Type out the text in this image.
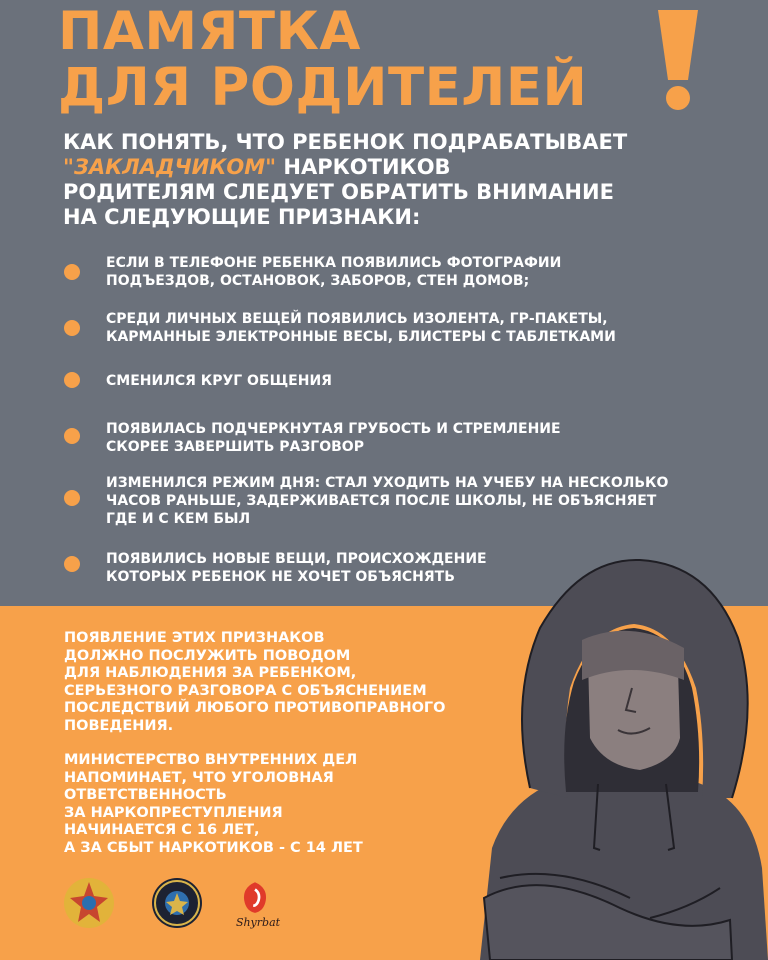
ПАМЯТКА
ДЛЯ РОДИТЕЛЕЙ
КАК ПОНЯТЬ, ЧТО РЕБЕНОК ПОДРАБАТЫВАЕТ
"ЗАКЛАДЧИКОМ" НАРКОТИКОВ
РОДИТЕЛЯМ СЛЕДУЕТ ОБРАТИТЬ ВНИМАНИЕ
НА СЛЕДУЮЩИЕ ПРИЗНАКИ:
ЕСЛИ В ТЕЛЕФОНЕ РЕБЕНКА ПОЯВИЛИСЬ ФОТОГРАФИИ
ПОДЪЕЗДОВ, ОСТАНОВОК, ЗАБОРОВ, СТЕН ДОМОВ;
СРЕДИ ЛИЧНЫХ ВЕЩЕЙ ПОЯВИЛИСЬ ИЗОЛЕНТА, ГР-ПАКЕТЫ,
КАРМАННЫЕ ЭЛЕКТРОННЫЕ ВЕСЫ, БЛИСТЕРЫ С ТАБЛЕТКАМИ
СМЕНИЛСЯ КРУГ ОБЩЕНИЯ
ПОЯВИЛАСЬ ПОДЧЕРКНУТАЯ ГРУБОСТЬ И СТРЕМЛЕНИЕ
СКОРЕЕ ЗАВЕРШИТЬ РАЗГОВОР
ИЗМЕНИЛСЯ РЕЖИМ ДНЯ: СТАЛ УХОДИТЬ НА УЧЕБУ НА НЕСКОЛЬКО
ЧАСОВ РАНЬШЕ, ЗАДЕРЖИВАЕТСЯ ПОСЛЕ ШКОЛЫ, НЕ ОБЪЯСНЯЕТ
ГДЕ И С КЕМ БЫЛ
ПОЯВИЛИСЬ НОВЫЕ ВЕЩИ, ПРОИСХОЖДЕНИЕ
КОТОРЫХ РЕБЕНОК НЕ ХОЧЕТ ОБЪЯСНЯТЬ
ПОЯВЛЕНИЕ ЭТИХ ПРИЗНАКОВ
ДОЛЖНО ПОСЛУЖИТЬ ПОВОДОМ
ДЛЯ НАБЛЮДЕНИЯ ЗА РЕБЕНКОМ,
СЕРЬЕЗНОГО РАЗГОВОРА С ОБЪЯСНЕНИЕМ
ПОСЛЕДСТВИЙ ЛЮБОГО ПРОТИВОПРАВНОГО
ПОВЕДЕНИЯ.
МИНИСТЕРСТВО ВНУТРЕННИХ ДЕЛ
НАПОМИНАЕТ, ЧТО УГОЛОВНАЯ
ОТВЕТСТВЕННОСТЬ
ЗА НАРКОПРЕСТУПЛЕНИЯ
НАЧИНАЕТСЯ С 16 ЛЕТ,
А ЗА СБЫТ НАРКОТИКОВ - С 14 ЛЕТ
Shyrbat
